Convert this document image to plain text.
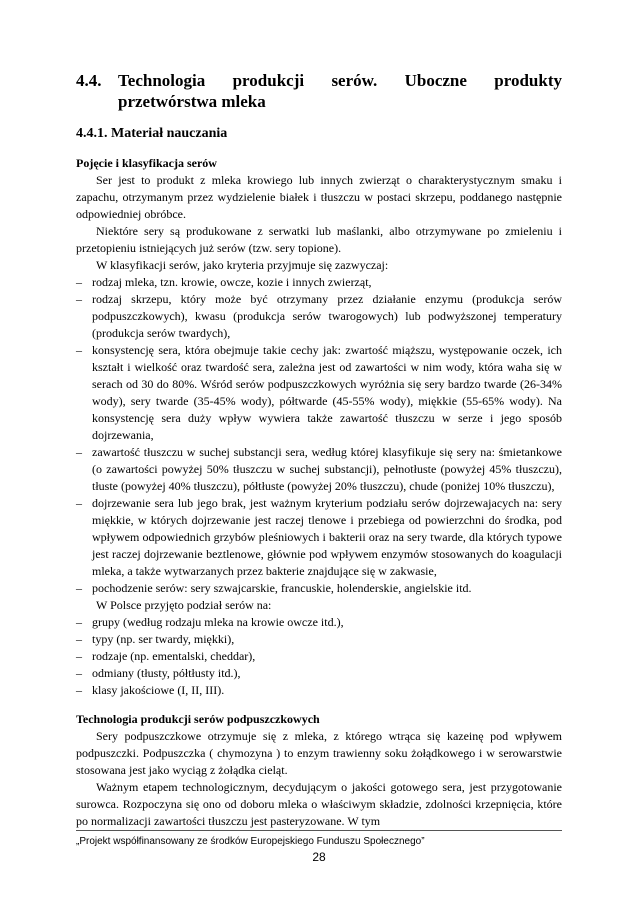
4.4. Technologia produkcji serów. Uboczne produkty przetwórstwa mleka
4.4.1. Materiał nauczania
Pojęcie i klasyfikacja serów

Ser jest to produkt z mleka krowiego lub innych zwierząt o charakterystycznym smaku i zapachu, otrzymanym przez wydzielenie białek i tłuszczu w postaci skrzepu, poddanego następnie odpowiedniej obróbce.

Niektóre sery są produkowane z serwatki lub maślanki, albo otrzymywane po zmieleniu i przetopieniu istniejących już serów (tzw. sery topione).

W klasyfikacji serów, jako kryteria przyjmuje się zazwyczaj:

– rodzaj mleka, tzn. krowie, owcze, kozie i innych zwierząt,
– rodzaj skrzepu, który może być otrzymany przez działanie enzymu (produkcja serów podpuszczkowych), kwasu (produkcja serów twarogowych) lub podwyższonej temperatury (produkcja serów twardych),
– konsystencję sera, która obejmuje takie cechy jak: zwartość miąższu, występowanie oczek, ich kształt i wielkość oraz twardość sera, zależna jest od zawartości w nim wody, która waha się w serach od 30 do 80%. Wśród serów podpuszczkowych wyróżnia się sery bardzo twarde (26-34% wody), sery twarde (35-45% wody), półtwarde (45-55% wody), miękkie (55-65% wody). Na konsystencję sera duży wpływ wywiera także zawartość tłuszczu w serze i jego sposób dojrzewania,
– zawartość tłuszczu w suchej substancji sera, według której klasyfikuje się sery na: śmietankowe (o zawartości powyżej 50% tłuszczu w suchej substancji), pełnotłuste (powyżej 45% tłuszczu), tłuste (powyżej 40% tłuszczu), półtłuste (powyżej 20% tłuszczu), chude (poniżej 10% tłuszczu),
– dojrzewanie sera lub jego brak, jest ważnym kryterium podziału serów dojrzewajacych na: sery miękkie, w których dojrzewanie jest raczej tlenowe i przebiega od powierzchni do środka, pod wpływem odpowiednich grzybów pleśniowych i bakterii oraz na sery twarde, dla których typowe jest raczej dojrzewanie beztlenowe, głównie pod wpływem enzymów stosowanych do koagulacji mleka, a także wytwarzanych przez bakterie znajdujące się w zakwasie,
– pochodzenie serów: sery szwajcarskie, francuskie, holenderskie, angielskie itd.

W Polsce przyjęto podział serów na:

– grupy (według rodzaju mleka na krowie owcze itd.),
– typy (np. ser twardy, miękki),
– rodzaje (np. ementalski, cheddar),
– odmiany (tłusty, półtłusty itd.),
– klasy jakościowe (I, II, III).
Technologia produkcji serów podpuszczkowych

Sery podpuszczkowe otrzymuje się z mleka, z którego wtrąca się kazeinę pod wpływem podpuszczki. Podpuszczka ( chymozyna ) to enzym trawienny soku żołądkowego i w serowarstwie stosowana jest jako wyciąg z żołądka cieląt.

Ważnym etapem technologicznym, decydującym o jakości gotowego sera, jest przygotowanie surowca. Rozpoczyna się ono od doboru mleka o właściwym składzie, zdolności krzepnięcia, które po normalizacji zawartości tłuszczu jest pasteryzowane. W tym

„Projekt współfinansowany ze środków Europejskiego Funduszu Społecznego”
28
